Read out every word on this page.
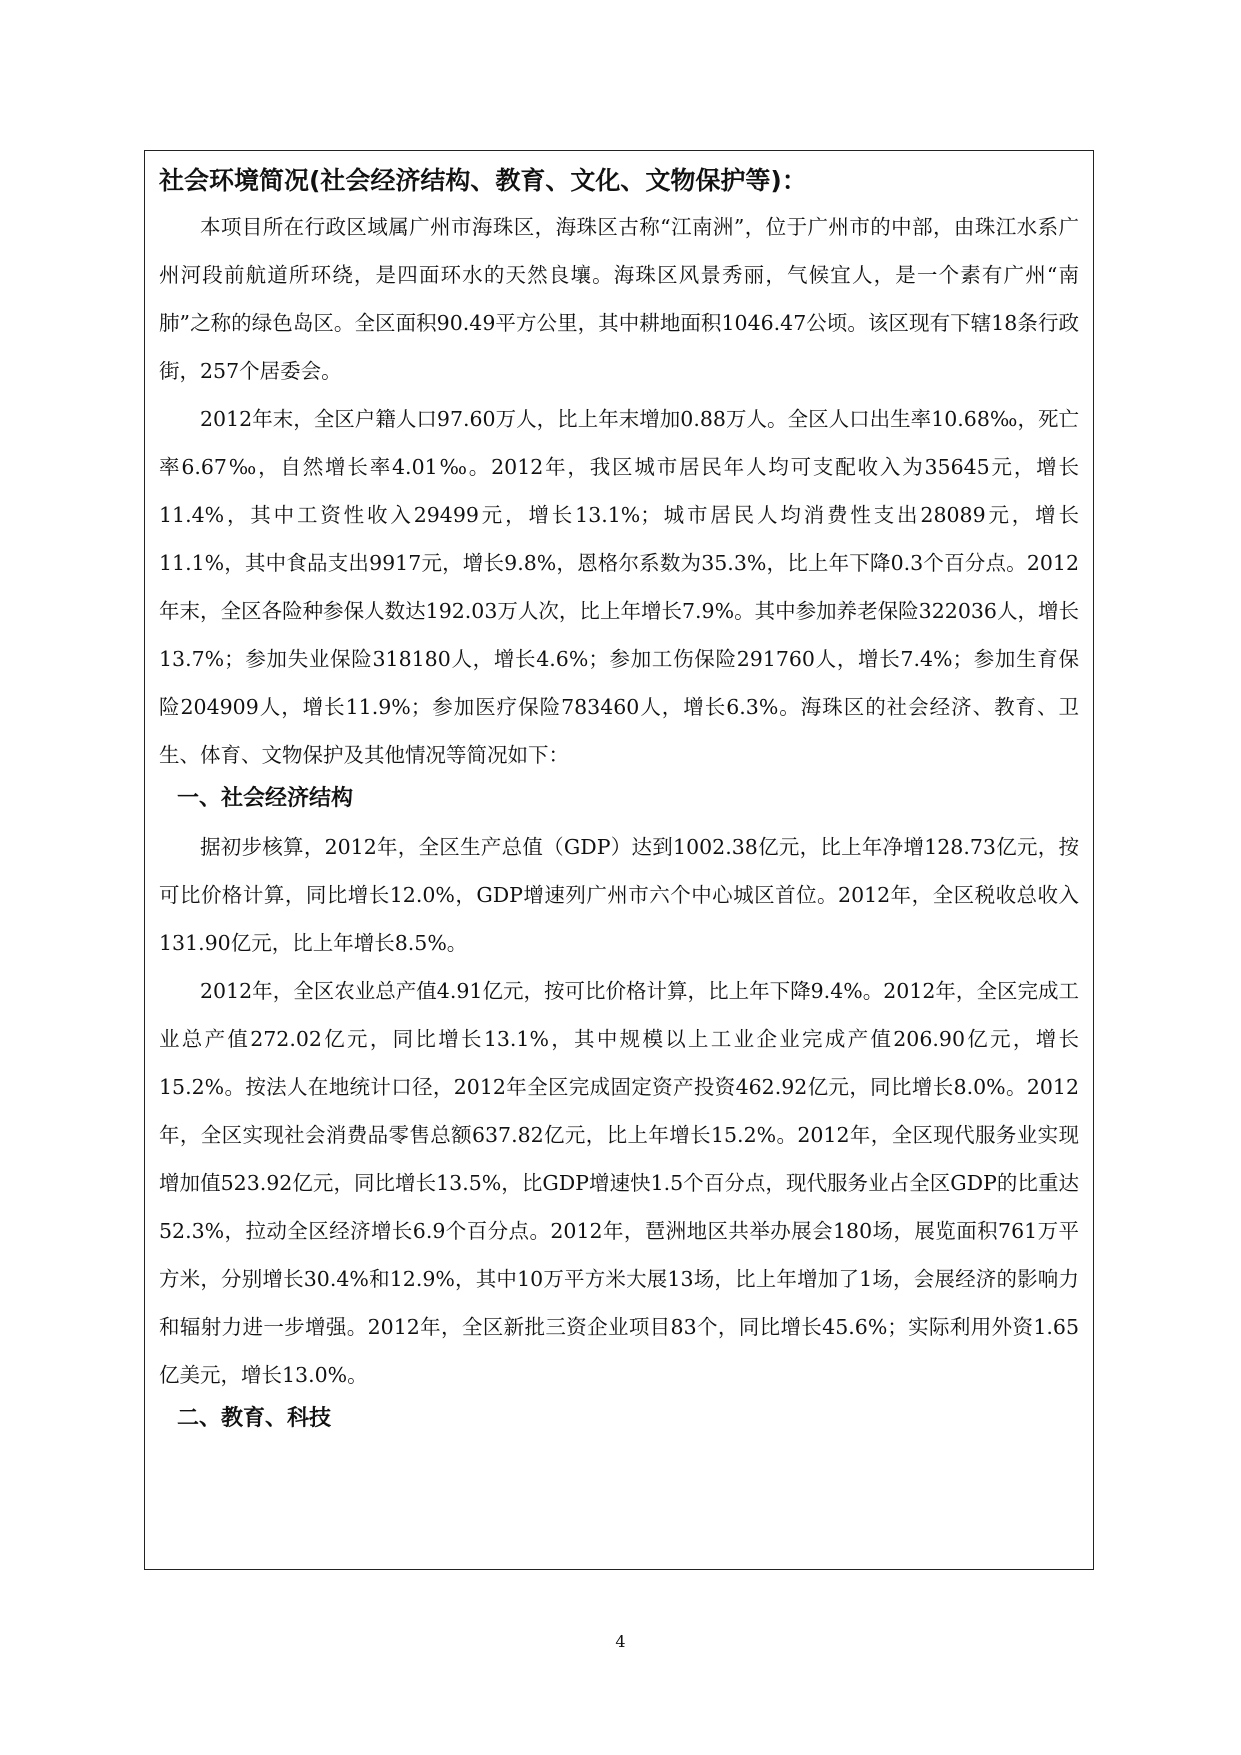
社会环境简况(社会经济结构、教育、文化、文物保护等)：

本项目所在行政区域属广州市海珠区，海珠区古称“江南洲”，位于广州市的中部，由珠江水系广州河段前航道所环绕，是四面环水的天然良壤。海珠区风景秀丽，气候宜人，是一个素有广州“南肺”之称的绿色岛区。全区面积90.49平方公里，其中耕地面积1046.47公顷。该区现有下辖18条行政街，257个居委会。

2012年末，全区户籍人口97.60万人，比上年末增加0.88万人。全区人口出生率10.68‰，死亡率6.67‰，自然增长率4.01‰。2012年，我区城市居民年人均可支配收入为35645元，增长11.4%，其中工资性收入29499元，增长13.1%；城市居民人均消费性支出28089元，增长11.1%，其中食品支出9917元，增长9.8%，恩格尔系数为35.3%，比上年下降0.3个百分点。2012年末，全区各险种参保人数达192.03万人次，比上年增长7.9%。其中参加养老保险322036人，增长13.7%；参加失业保险318180人，增长4.6%；参加工伤保险291760人，增长7.4%；参加生育保险204909人，增长11.9%；参加医疗保险783460人，增长6.3%。海珠区的社会经济、教育、卫生、体育、文物保护及其他情况等简况如下：

一、社会经济结构

据初步核算，2012年，全区生产总值（GDP）达到1002.38亿元，比上年净增128.73亿元，按可比价格计算，同比增长12.0%，GDP增速列广州市六个中心城区首位。2012年，全区税收总收入131.90亿元，比上年增长8.5%。

2012年，全区农业总产值4.91亿元，按可比价格计算，比上年下降9.4%。2012年，全区完成工业总产值272.02亿元，同比增长13.1%，其中规模以上工业企业完成产值206.90亿元，增长15.2%。按法人在地统计口径，2012年全区完成固定资产投资462.92亿元，同比增长8.0%。2012年，全区实现社会消费品零售总额637.82亿元，比上年增长15.2%。2012年，全区现代服务业实现增加值523.92亿元，同比增长13.5%，比GDP增速快1.5个百分点，现代服务业占全区GDP的比重达52.3%，拉动全区经济增长6.9个百分点。2012年，琶洲地区共举办展会180场，展览面积761万平方米，分别增长30.4%和12.9%，其中10万平方米大展13场，比上年增加了1场，会展经济的影响力和辐射力进一步增强。2012年，全区新批三资企业项目83个，同比增长45.6%；实际利用外资1.65亿美元，增长13.0%。

二、教育、科技
4
